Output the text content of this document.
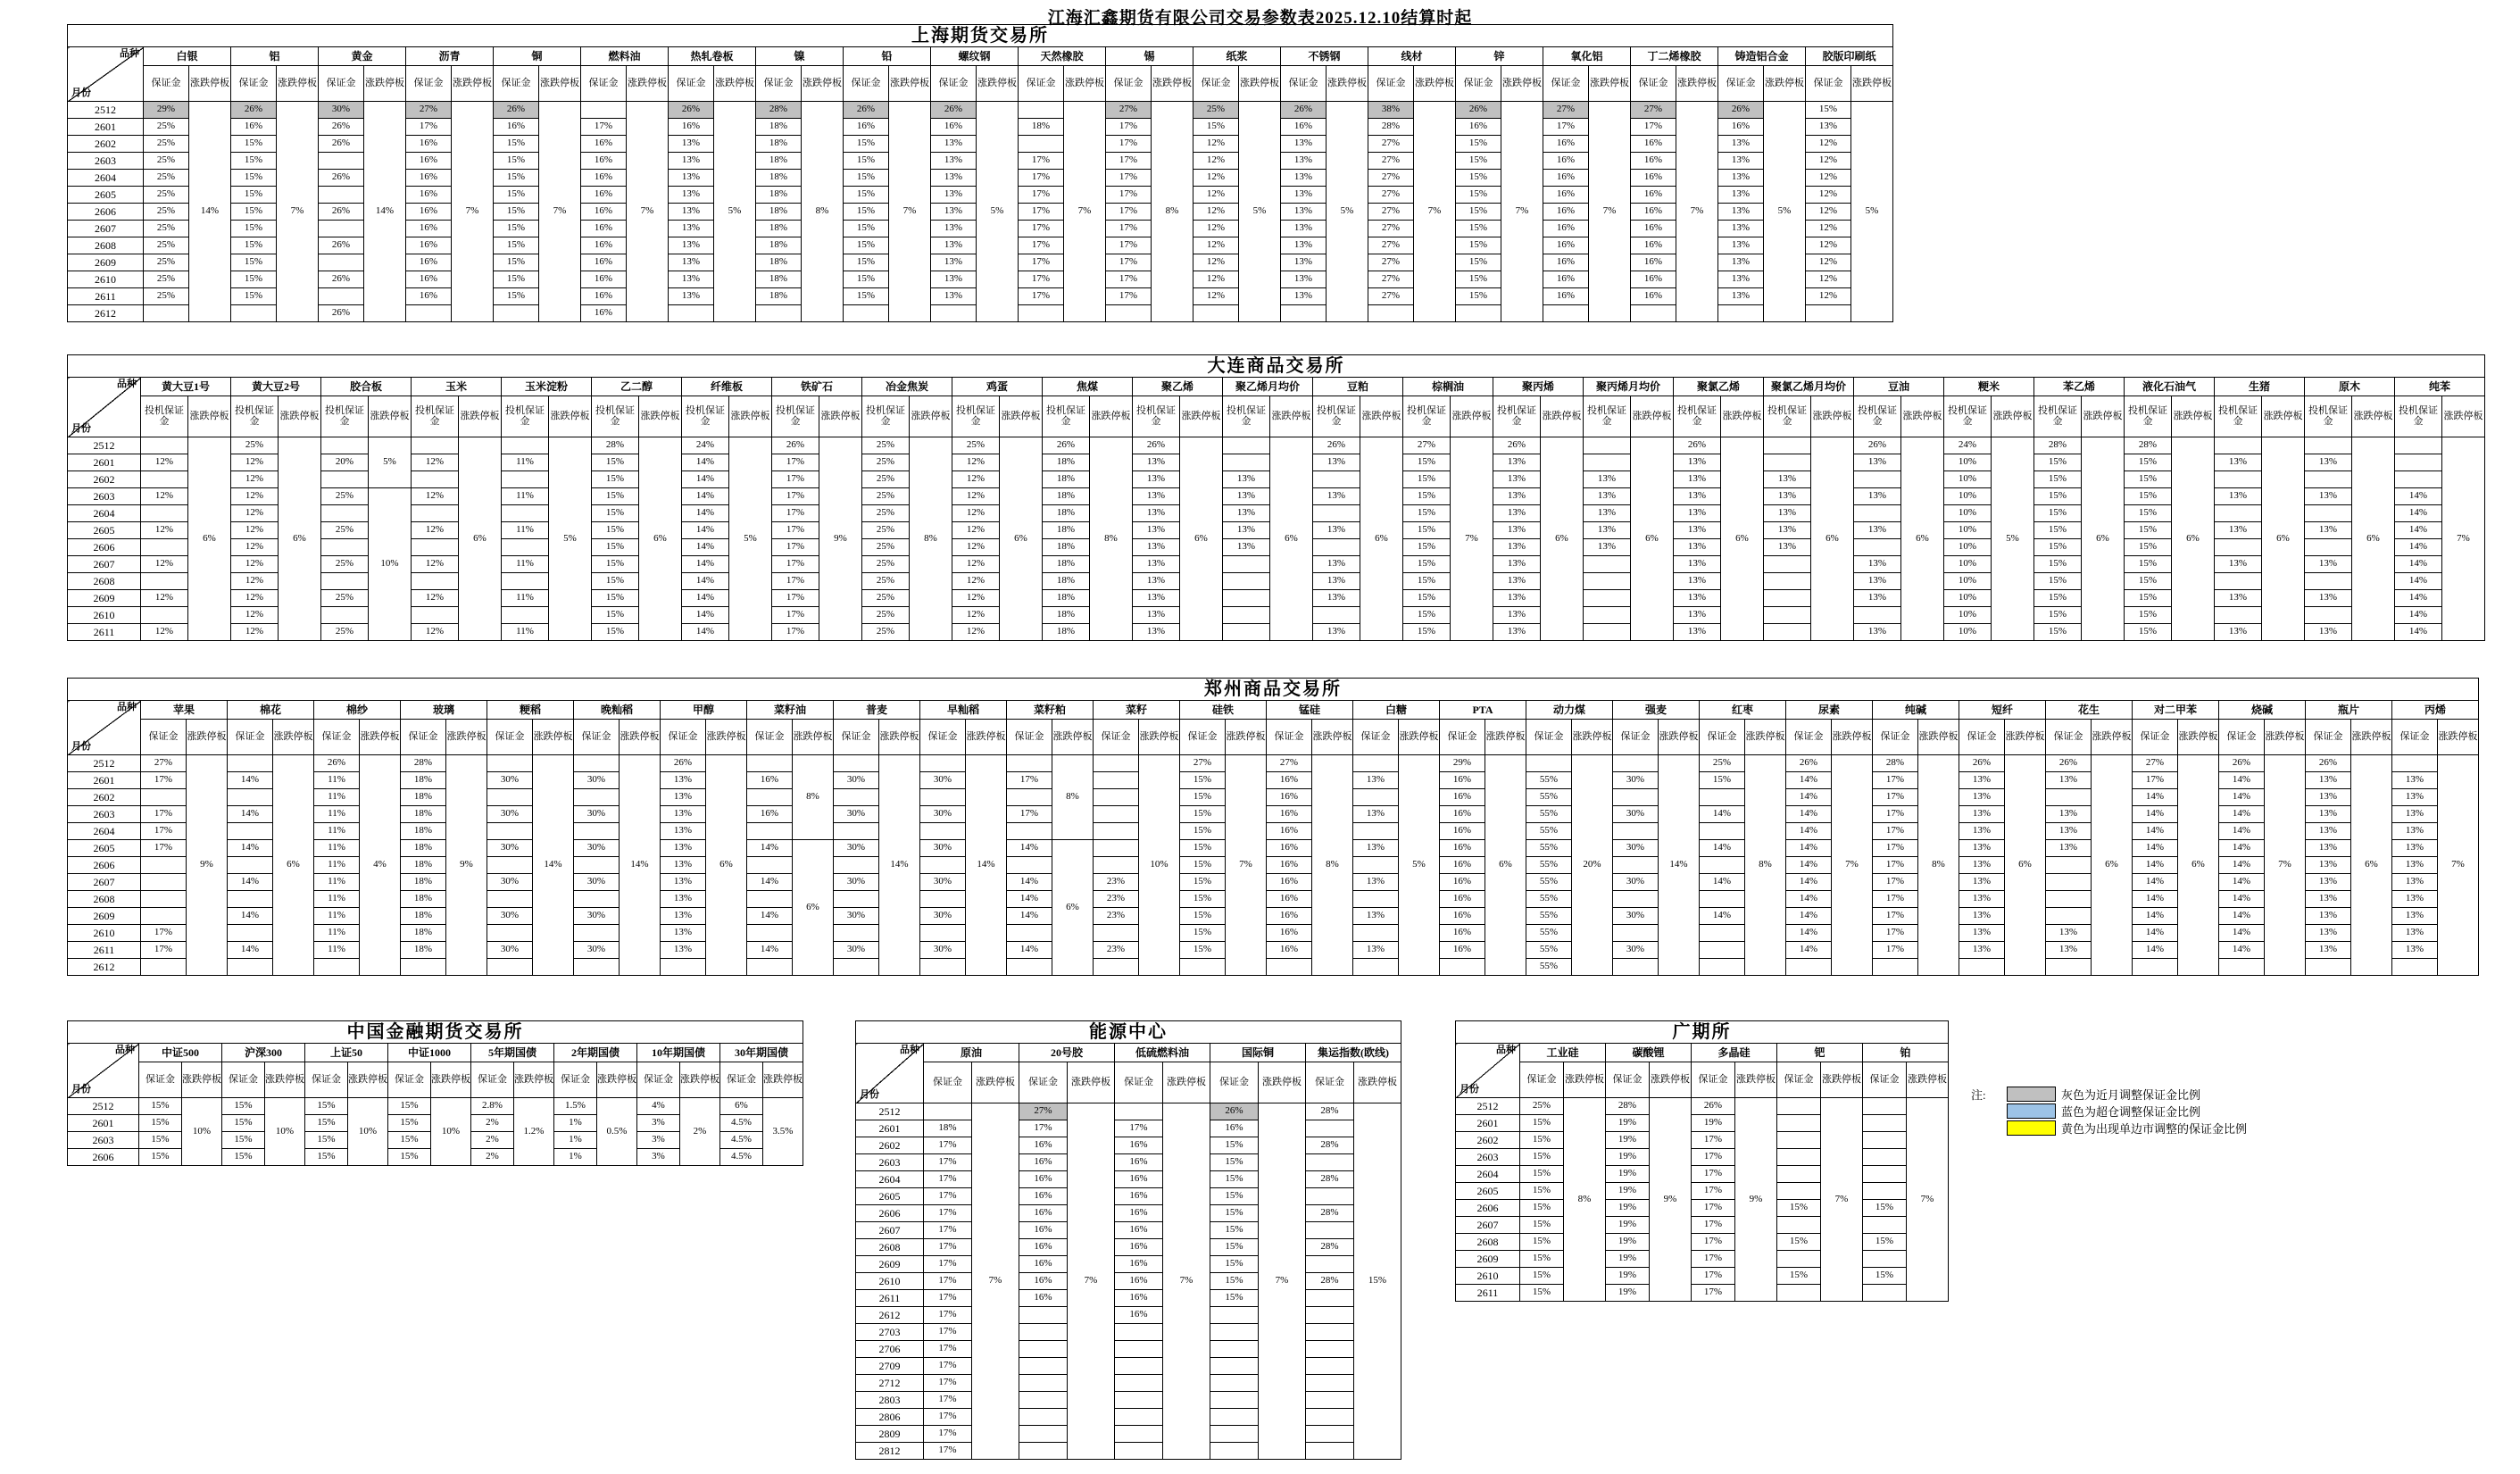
江海汇鑫期货有限公司交易参数表2025.12.10结算时起
上海期货交易所																																								

品种
月份	白银		铝		黄金		沥青		铜		燃料油		热轧卷板		镍		铅		螺纹钢		天然橡胶		锡		纸浆		不锈钢		线材		锌		氧化铝		丁二烯橡胶		铸造铝合金		胶版印刷纸	
	保证金	涨跌停板	保证金	涨跌停板	保证金	涨跌停板	保证金	涨跌停板	保证金	涨跌停板	保证金	涨跌停板	保证金	涨跌停板	保证金	涨跌停板	保证金	涨跌停板	保证金	涨跌停板	保证金	涨跌停板	保证金	涨跌停板	保证金	涨跌停板	保证金	涨跌停板	保证金	涨跌停板	保证金	涨跌停板	保证金	涨跌停板	保证金	涨跌停板	保证金	涨跌停板	保证金	涨跌停板
2512	29%	14%	26%	7%	30%	14%	27%	7%	26%	7%		7%	26%	5%	28%	8%	26%	7%	26%	5%		7%	27%	8%	25%	5%	26%	5%	38%	7%	26%	7%	27%	7%	27%	7%	26%	5%	15%	5%
2601	25%		16%		26%		17%		16%		17%		16%		18%		16%		16%		18%		17%		15%		16%		28%		16%		17%		17%		16%		13%	
2602	25%		15%		26%		16%		15%		16%		13%		18%		15%		13%				17%		12%		13%		27%		15%		16%		16%		13%		12%	
2603	25%		15%				16%		15%		16%		13%		18%		15%		13%		17%		17%		12%		13%		27%		15%		16%		16%		13%		12%	
2604	25%		15%		26%		16%		15%		16%		13%		18%		15%		13%		17%		17%		12%		13%		27%		15%		16%		16%		13%		12%	
2605	25%		15%				16%		15%		16%		13%		18%		15%		13%		17%		17%		12%		13%		27%		15%		16%		16%		13%		12%	
2606	25%		15%		26%		16%		15%		16%		13%		18%		15%		13%		17%		17%		12%		13%		27%		15%		16%		16%		13%		12%	
2607	25%		15%				16%		15%		16%		13%		18%		15%		13%		17%		17%		12%		13%		27%		15%		16%		16%		13%		12%	
2608	25%		15%		26%		16%		15%		16%		13%		18%		15%		13%		17%		17%		12%		13%		27%		15%		16%		16%		13%		12%	
2609	25%		15%				16%		15%		16%		13%		18%		15%		13%		17%		17%		12%		13%		27%		15%		16%		16%		13%		12%	
2610	25%		15%		26%		16%		15%		16%		13%		18%		15%		13%		17%		17%		12%		13%		27%		15%		16%		16%		13%		12%	
2611	25%		15%				16%		15%		16%		13%		18%		15%		13%		17%		17%		12%		13%		27%		15%		16%		16%		13%		12%	
2612					26%						16%																													
大连商品交易所																																																				

品种
月份	黄大豆1号		黄大豆2号		胶合板		玉米		玉米淀粉		乙二醇		纤维板		铁矿石		冶金焦炭		鸡蛋		焦煤		聚乙烯		聚乙烯月均价		豆粕		棕榈油		聚丙烯		聚丙烯月均价		聚氯乙烯		聚氯乙烯月均价		豆油		粳米		苯乙烯		液化石油气		生猪		原木		纯苯	
	投机保证金	涨跌停板	投机保证金	涨跌停板	投机保证金	涨跌停板	投机保证金	涨跌停板	投机保证金	涨跌停板	投机保证金	涨跌停板	投机保证金	涨跌停板	投机保证金	涨跌停板	投机保证金	涨跌停板	投机保证金	涨跌停板	投机保证金	涨跌停板	投机保证金	涨跌停板	投机保证金	涨跌停板	投机保证金	涨跌停板	投机保证金	涨跌停板	投机保证金	涨跌停板	投机保证金	涨跌停板	投机保证金	涨跌停板	投机保证金	涨跌停板	投机保证金	涨跌停板	投机保证金	涨跌停板	投机保证金	涨跌停板	投机保证金	涨跌停板	投机保证金	涨跌停板	投机保证金	涨跌停板	投机保证金	涨跌停板
2512		6%	25%	6%		5%		6%		5%	28%	6%	24%	5%	26%	9%	25%	8%	25%	6%	26%	8%	26%	6%		6%	26%	6%	27%	7%	26%	6%		6%	26%	6%		6%	26%	6%	24%	5%	28%	6%	28%	6%		6%		6%		7%
2601	12%		12%		20%		12%		11%		15%		14%		17%		25%		12%		18%		13%				13%		15%		13%				13%				13%		10%		15%		15%		13%		13%			
2602			12%								15%		14%		17%		25%		12%		18%		13%		13%				15%		13%		13%		13%		13%				10%		15%		15%							
2603	12%		12%		25%	10%	12%		11%		15%		14%		17%		25%		12%		18%		13%		13%		13%		15%		13%		13%		13%		13%		13%		10%		15%		15%		13%		13%		14%	
2604			12%								15%		14%		17%		25%		12%		18%		13%		13%				15%		13%		13%		13%		13%				10%		15%		15%						14%	
2605	12%		12%		25%		12%		11%		15%		14%		17%		25%		12%		18%		13%		13%		13%		15%		13%		13%		13%		13%		13%		10%		15%		15%		13%		13%		14%	
2606			12%								15%		14%		17%		25%		12%		18%		13%		13%				15%		13%		13%		13%		13%				10%		15%		15%						14%	
2607	12%		12%		25%		12%		11%		15%		14%		17%		25%		12%		18%		13%				13%		15%		13%				13%				13%		10%		15%		15%		13%		13%		14%	
2608			12%								15%		14%		17%		25%		12%		18%		13%				13%		15%		13%				13%				13%		10%		15%		15%						14%	
2609	12%		12%		25%		12%		11%		15%		14%		17%		25%		12%		18%		13%				13%		15%		13%				13%				13%		10%		15%		15%		13%		13%		14%	
2610			12%								15%		14%		17%		25%		12%		18%		13%						15%		13%				13%						10%		15%		15%						14%	
2611	12%		12%		25%		12%		11%		15%		14%		17%		25%		12%		18%		13%				13%		15%		13%				13%				13%		10%		15%		15%		13%		13%		14%	
郑州商品交易所																																																						

品种
月份	苹果		棉花		棉纱		玻璃		粳稻		晚籼稻		甲醇		菜籽油		普麦		早籼稻		菜籽粕		菜籽		硅铁		锰硅		白糖		PTA		动力煤		强麦		红枣		尿素		纯碱		短纤		花生		对二甲苯		烧碱		瓶片		丙烯	
	保证金	涨跌停板	保证金	涨跌停板	保证金	涨跌停板	保证金	涨跌停板	保证金	涨跌停板	保证金	涨跌停板	保证金	涨跌停板	保证金	涨跌停板	保证金	涨跌停板	保证金	涨跌停板	保证金	涨跌停板	保证金	涨跌停板	保证金	涨跌停板	保证金	涨跌停板	保证金	涨跌停板	保证金	涨跌停板	保证金	涨跌停板	保证金	涨跌停板	保证金	涨跌停板	保证金	涨跌停板	保证金	涨跌停板	保证金	涨跌停板	保证金	涨跌停板	保证金	涨跌停板	保证金	涨跌停板	保证金	涨跌停板	保证金	涨跌停板
2512	27%	9%		6%	26%	4%	28%	9%		14%		14%	26%	6%		8%		14%		14%		8%		10%	27%	7%	27%	8%		5%	29%	6%		20%		14%	25%	8%	26%	7%	28%	8%	26%	6%	26%	6%	27%	6%	26%	7%	26%	6%		7%
2601	17%		14%		11%		18%		30%		30%		13%		16%		30%		30%		17%				15%		16%		13%		16%		55%		30%		15%		14%		17%		13%		13%		17%		14%		13%		13%	
2602					11%		18%						13%												15%		16%				16%		55%						14%		17%		13%				14%		14%		13%		13%	
2603	17%		14%		11%		18%		30%		30%		13%		16%		30%		30%		17%				15%		16%		13%		16%		55%		30%		14%		14%		17%		13%		13%		14%		14%		13%		13%	
2604	17%				11%		18%						13%												15%		16%				16%		55%						14%		17%		13%		13%		14%		14%		13%		13%	
2605	17%		14%		11%		18%		30%		30%		13%		14%	6%	30%		30%		14%	6%			15%		16%		13%		16%		55%		30%		14%		14%		17%		13%		13%		14%		14%		13%		13%	
2606					11%		18%						13%												15%		16%				16%		55%						14%		17%		13%				14%		14%		13%		13%	
2607			14%		11%		18%		30%		30%		13%		14%		30%		30%		14%		23%		15%		16%		13%		16%		55%		30%		14%		14%		17%		13%				14%		14%		13%		13%	
2608					11%		18%						13%								14%		23%		15%		16%				16%		55%						14%		17%		13%				14%		14%		13%		13%	
2609			14%		11%		18%		30%		30%		13%		14%		30%		30%		14%		23%		15%		16%		13%		16%		55%		30%		14%		14%		17%		13%				14%		14%		13%		13%	
2610	17%				11%		18%						13%												15%		16%				16%		55%						14%		17%		13%		13%		14%		14%		13%		13%	
2611	17%		14%		11%		18%		30%		30%		13%		14%		30%		30%		14%		23%		15%		16%		13%		16%		55%		30%				14%		17%		13%		13%		14%		14%		13%		13%	
2612																																	55%																					
中国金融期货交易所																

品种
月份	中证500		沪深300		上证50		中证1000		5年期国债		2年期国债		10年期国债		30年期国债	
	保证金	涨跌停板	保证金	涨跌停板	保证金	涨跌停板	保证金	涨跌停板	保证金	涨跌停板	保证金	涨跌停板	保证金	涨跌停板	保证金	涨跌停板
2512	15%	10%	15%	10%	15%	10%	15%	10%	2.8%	1.2%	1.5%	0.5%	4%	2%	6%	3.5%
2601	15%		15%		15%		15%		2%		1%		3%		4.5%	
2603	15%		15%		15%		15%		2%		1%		3%		4.5%	
2606	15%		15%		15%		15%		2%		1%		3%		4.5%	
能源中心										

品种
月份	原油		20号胶		低硫燃料油		国际铜		集运指数(欧线)	
	保证金	涨跌停板	保证金	涨跌停板	保证金	涨跌停板	保证金	涨跌停板	保证金	涨跌停板
2512		7%	27%	7%		7%	26%	7%	28%	15%
2601	18%		17%		17%		16%			
2602	17%		16%		16%		15%		28%	
2603	17%		16%		16%		15%			
2604	17%		16%		16%		15%		28%	
2605	17%		16%		16%		15%			
2606	17%		16%		16%		15%		28%	
2607	17%		16%		16%		15%			
2608	17%		16%		16%		15%		28%	
2609	17%		16%		16%		15%			
2610	17%		16%		16%		15%		28%	
2611	17%		16%		16%		15%			
2612	17%				16%					
2703	17%									
2706	17%									
2709	17%									
2712	17%									
2803	17%									
2806	17%									
2809	17%									
2812	17%									
广期所										

品种
月份	工业硅		碳酸锂		多晶硅		钯		铂	
	保证金	涨跌停板	保证金	涨跌停板	保证金	涨跌停板	保证金	涨跌停板	保证金	涨跌停板
2512	25%	8%	28%	9%	26%	9%		7%		7%
2601	15%		19%		19%					
2602	15%		19%		17%					
2603	15%		19%		17%					
2604	15%		19%		17%					
2605	15%		19%		17%					
2606	15%		19%		17%		15%		15%	
2607	15%		19%		17%					
2608	15%		19%		17%		15%		15%	
2609	15%		19%		17%					
2610	15%		19%		17%		15%		15%	
2611	15%		19%		17%					
注:	灰色为近月调整保证金比例
蓝色为超仓调整保证金比例
黄色为出现单边市调整的保证金比例
